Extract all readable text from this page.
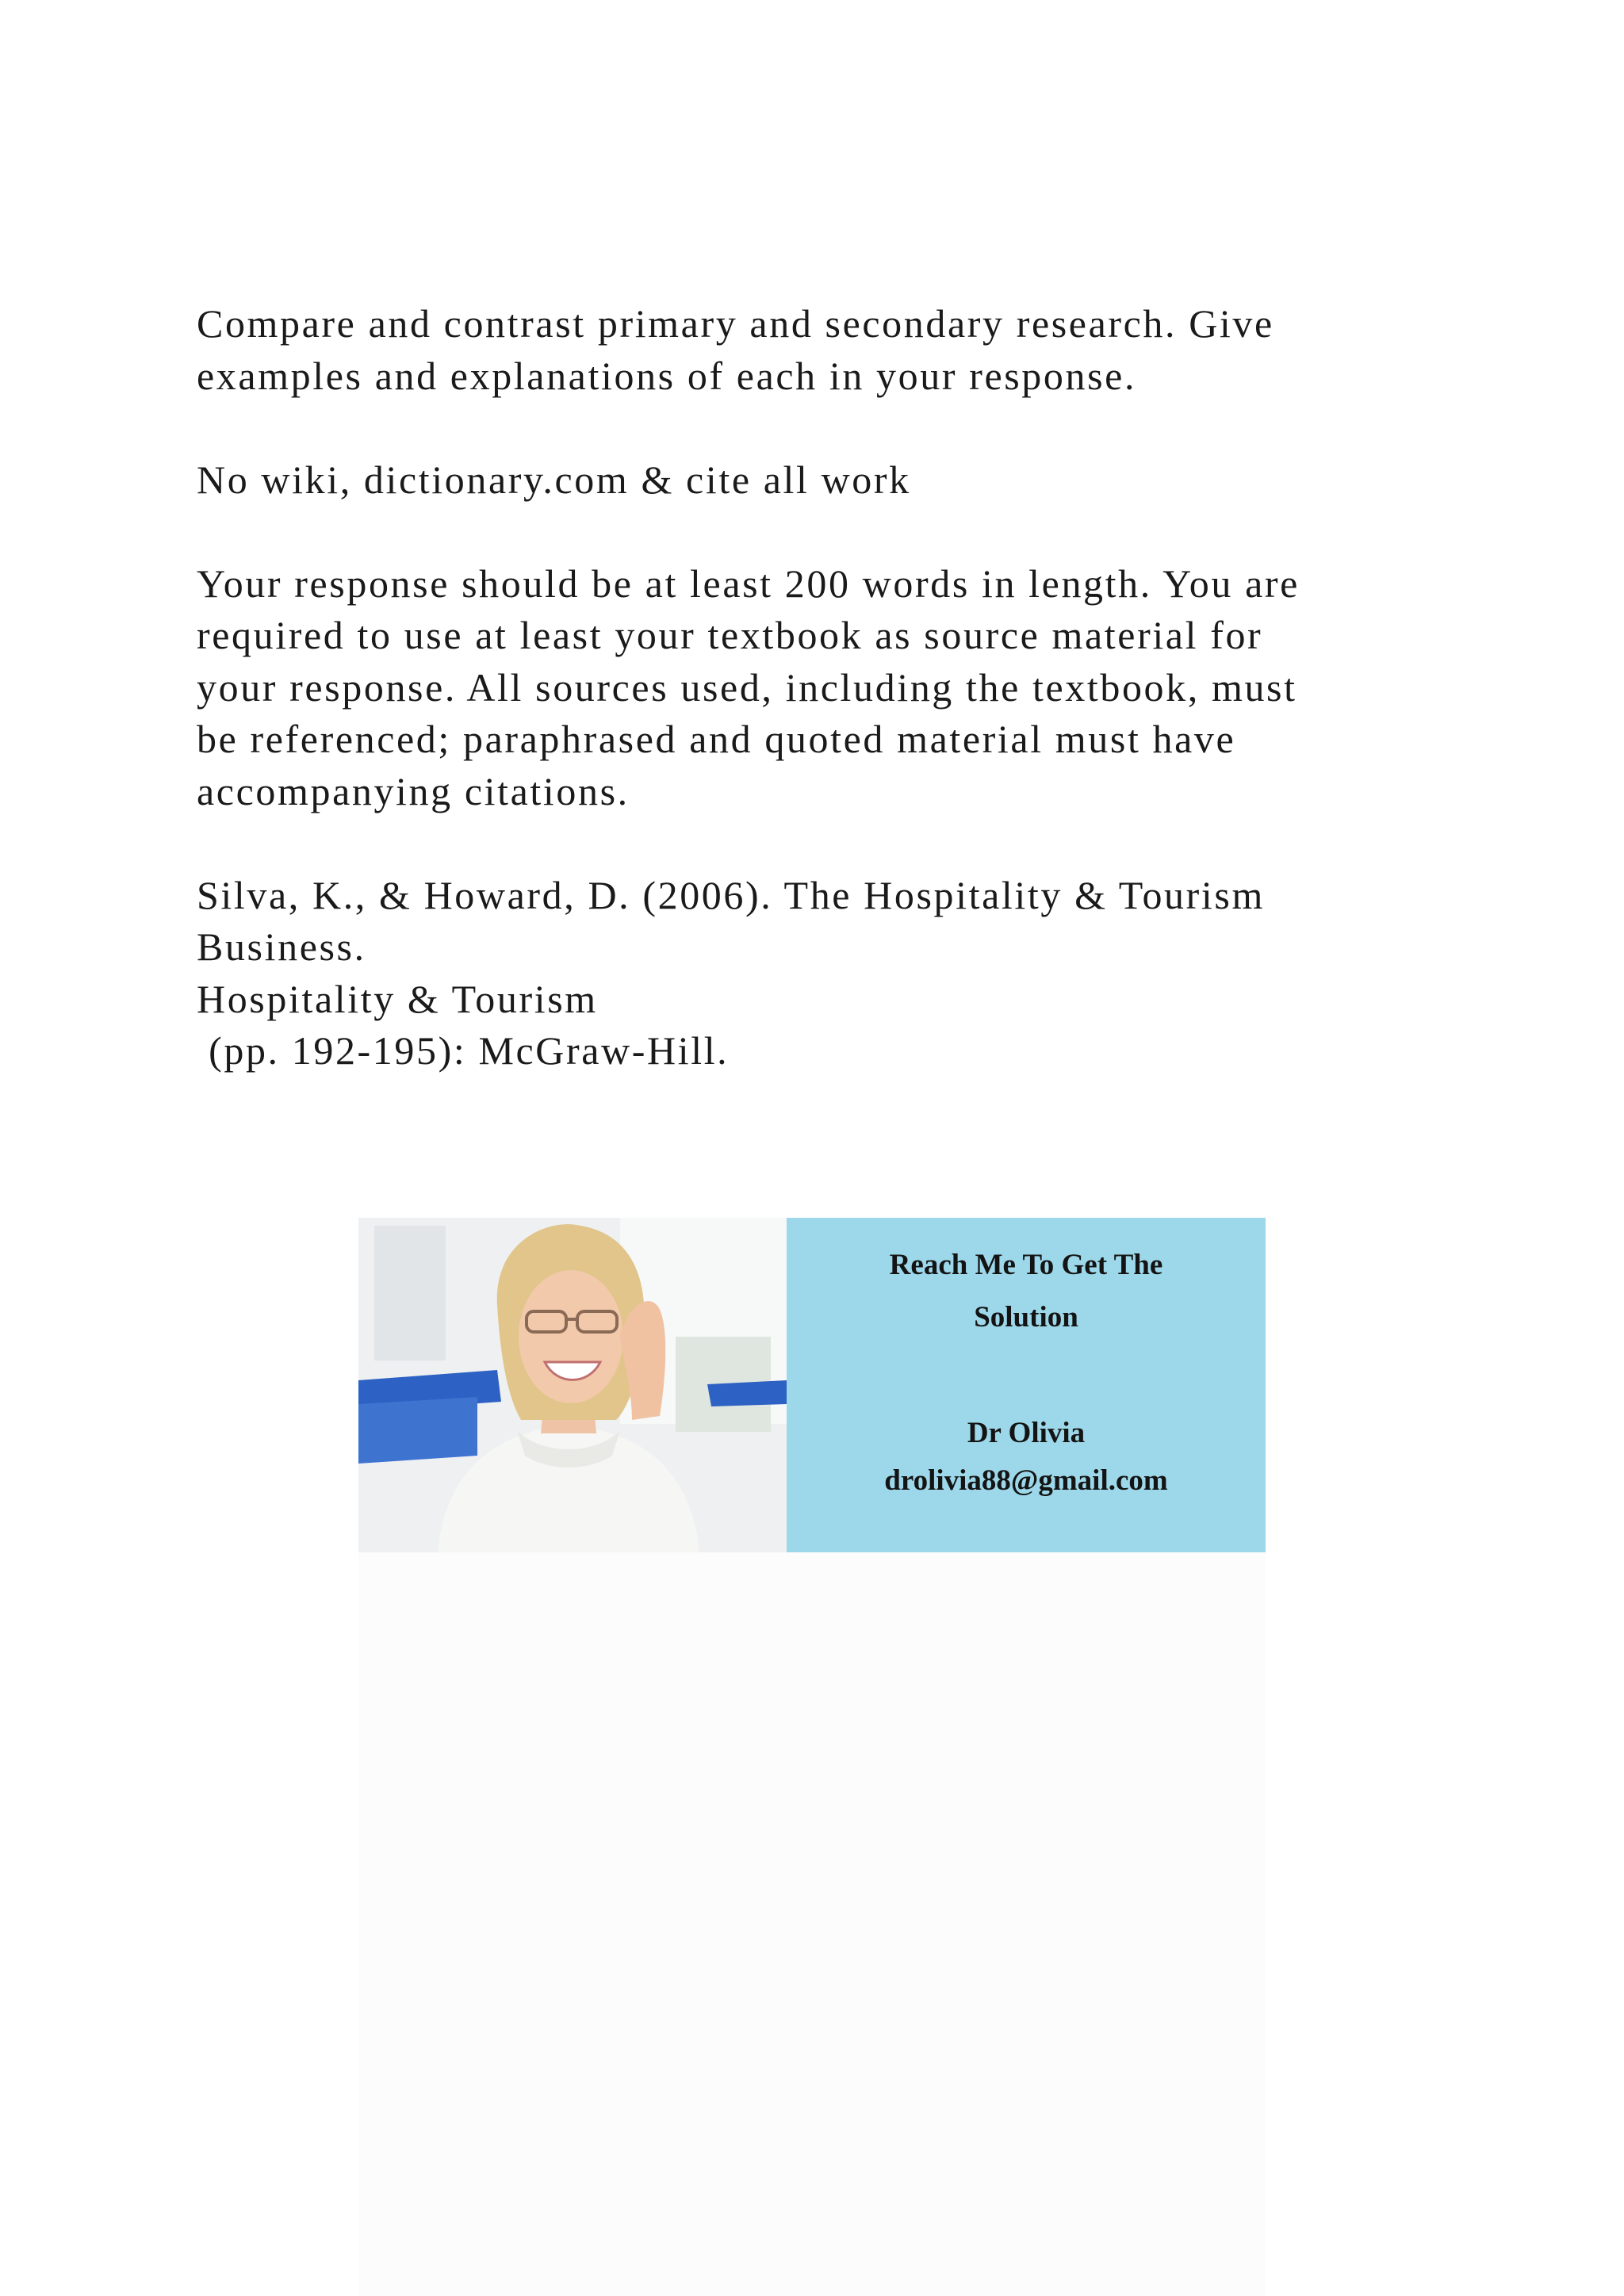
Compare and contrast primary and secondary research. Give
examples and explanations of each in your response.

No wiki, dictionary.com & cite all work

Your response should be at least 200 words in length. You are
required to use at least your textbook as source material for
your response. All sources used, including the textbook, must
be referenced; paraphrased and quoted material must have
accompanying citations.

Silva, K., & Howard, D. (2006). The Hospitality & Tourism
Business.
Hospitality & Tourism
(pp. 192-195): McGraw-Hill.

Reach Me To Get The
Solution
Dr Olivia
drolivia88@gmail.com
